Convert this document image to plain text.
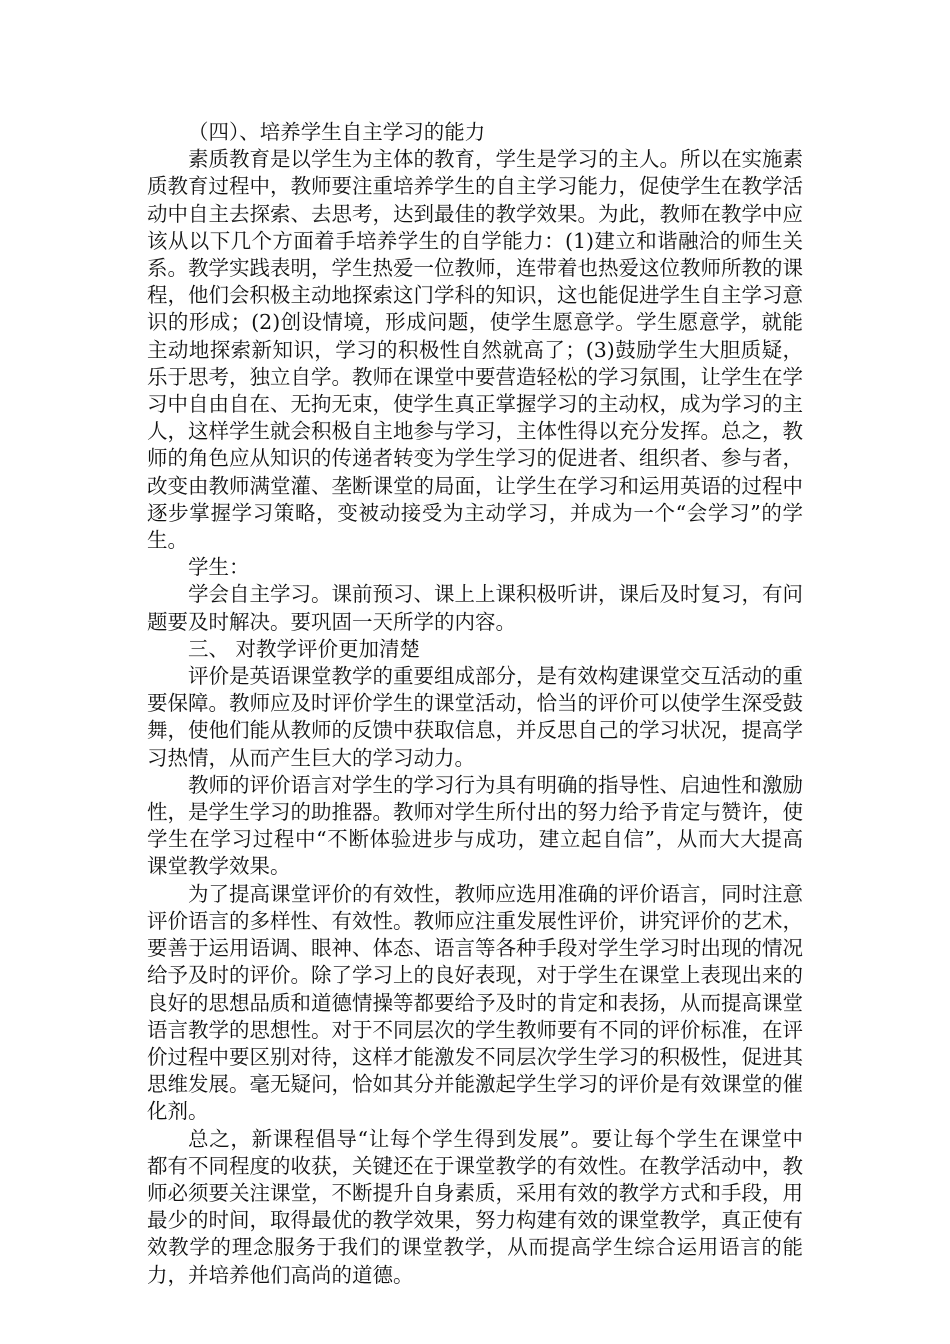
（四）、培养学生自主学习的能力

素质教育是以学生为主体的教育，学生是学习的主人。所以在实施素质教育过程中，教师要注重培养学生的自主学习能力，促使学生在教学活动中自主去探索、去思考，达到最佳的教学效果。为此，教师在教学中应该从以下几个方面着手培养学生的自学能力：(1)建立和谐融洽的师生关系。教学实践表明，学生热爱一位教师，连带着也热爱这位教师所教的课程，他们会积极主动地探索这门学科的知识，这也能促进学生自主学习意识的形成；(2)创设情境，形成问题，使学生愿意学。学生愿意学，就能主动地探索新知识，学习的积极性自然就高了；(3)鼓励学生大胆质疑，乐于思考，独立自学。教师在课堂中要营造轻松的学习氛围，让学生在学习中自由自在、无拘无束，使学生真正掌握学习的主动权，成为学习的主人，这样学生就会积极自主地参与学习，主体性得以充分发挥。总之，教师的角色应从知识的传递者转变为学生学习的促进者、组织者、参与者，改变由教师满堂灌、垄断课堂的局面，让学生在学习和运用英语的过程中逐步掌握学习策略，变被动接受为主动学习，并成为一个“会学习”的学生。

学生：

学会自主学习。课前预习、课上上课积极听讲，课后及时复习，有问题要及时解决。要巩固一天所学的内容。

三、 对教学评价更加清楚

评价是英语课堂教学的重要组成部分，是有效构建课堂交互活动的重要保障。教师应及时评价学生的课堂活动，恰当的评价可以使学生深受鼓舞，使他们能从教师的反馈中获取信息，并反思自己的学习状况，提高学习热情，从而产生巨大的学习动力。

教师的评价语言对学生的学习行为具有明确的指导性、启迪性和激励性，是学生学习的助推器。教师对学生所付出的努力给予肯定与赞许，使学生在学习过程中“不断体验进步与成功，建立起自信”，从而大大提高课堂教学效果。

为了提高课堂评价的有效性，教师应选用准确的评价语言，同时注意评价语言的多样性、有效性。教师应注重发展性评价，讲究评价的艺术，要善于运用语调、眼神、体态、语言等各种手段对学生学习时出现的情况给予及时的评价。除了学习上的良好表现，对于学生在课堂上表现出来的良好的思想品质和道德情操等都要给予及时的肯定和表扬，从而提高课堂语言教学的思想性。对于不同层次的学生教师要有不同的评价标准，在评价过程中要区别对待，这样才能激发不同层次学生学习的积极性，促进其思维发展。毫无疑问，恰如其分并能激起学生学习的评价是有效课堂的催化剂。

总之，新课程倡导“让每个学生得到发展”。要让每个学生在课堂中都有不同程度的收获，关键还在于课堂教学的有效性。在教学活动中，教师必须要关注课堂，不断提升自身素质，采用有效的教学方式和手段，用最少的时间，取得最优的教学效果，努力构建有效的课堂教学，真正使有效教学的理念服务于我们的课堂教学，从而提高学生综合运用语言的能力，并培养他们高尚的道德。
